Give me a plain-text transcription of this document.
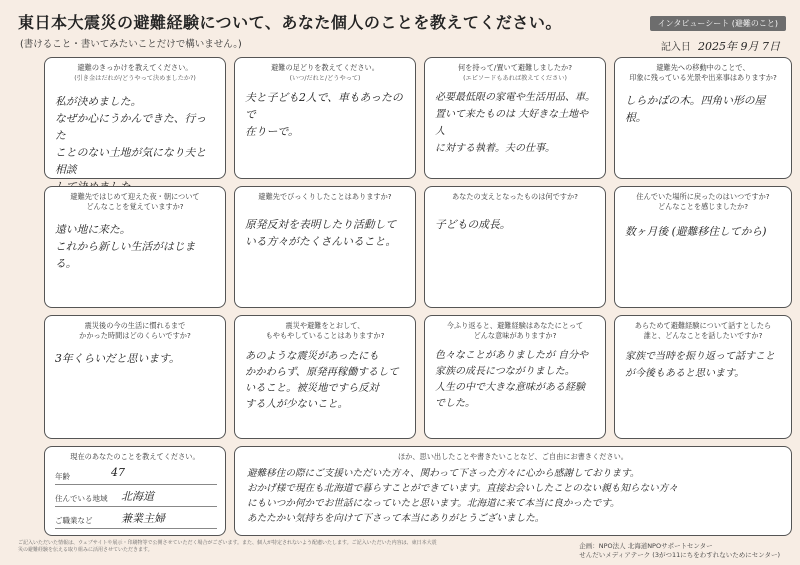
東日本大震災の避難経験について、あなた個人のことを教えてください。
(書けること・書いてみたいことだけで構いません。)
インタビューシート (避難のこと)
記入日 2025年 9月 7日
避難のきっかけを教えてください。
(引き金はだれが/どうやって決めましたか?)
私が決めました。
なぜか心にうかんできた、行った
ことのない土地が気になり夫と相談

避難の足どりを教えてください。
(いつ/だれと/どうやって)
夫と子ども2人で、車もあったので
在りーで。
何を持って/置いて避難しましたか?
(エピソードもあれば教えてください)
必要最低限の家電や生活用品、車。
置いて来たものは 大好きな土地や人
に対する執着。夫の仕事。
避難先への移動中のことで、
印象に残っている光景や出来事はありますか?
しらかばの木。四角い形の屋根。
避難先ではじめて迎えた夜・朝について
どんなことを覚えていますか?
遠い地に来た。
これから新しい生活がはじまる。
避難先でびっくりしたことはありますか?
原発反対を表明したり活動して
いる方々がたくさんいること。
あなたの支えとなったものは何ですか?
子どもの成長。
住んでいた場所に戻ったのはいつですか?
どんなことを感じましたか?
数ヶ月後 (避難移住してから)
震災後の今の生活に慣れるまで
かかった時間はどのくらいですか?
3年くらいだと思います。
震災や避難をとおして、
もやもやしていることはありますか?
あのような震災があったにも
かかわらず、原発再稼働するして
いること。被災地ですら反対
する人が少ないこと。
今ふり返ると、避難経験はあなたにとって
どんな意味がありますか?
色々なことがありましたが 自分や
家族の成長につながりました。
人生の中で大きな意味がある経験
でした。
あらためて避難経験について話すとしたら
誰と、どんなことを話したいですか?
家族で当時を振り返って話すこと
が今後もあると思います。
現在のあなたのことを教えてください。
年齢	47
住んでいる地域 北海道
ご職業など	兼業主婦
ほか、思い出したことや書きたいことなど、ご自由にお書きください。
避難移住の際にご支援いただいた方々、関わって下さった方々に心から感謝しております。
おかげ様で現在も北海道で暮らすことができています。直接お会いしたことのない親も知らない方々
にもいつか何かでお世話になっていたと思います。北海道に来て本当に良かったです。
あたたかい気持ちを向けて下さって本当にありがとうございました。
ご記入いただいた情報は、ウェブサイトや展示・印刷物等で公開させていただく場合がございます。また、個人が特定されないよう配慮いたします。ご記入いただいた内容は、東日本大震災の避難経験を伝える取り組みに活用させていただきます。	企画：NPO法人 北海道NPOサポートセンター
せんだいメディアテーク (3がつ11にちをわすれないためにセンター)
